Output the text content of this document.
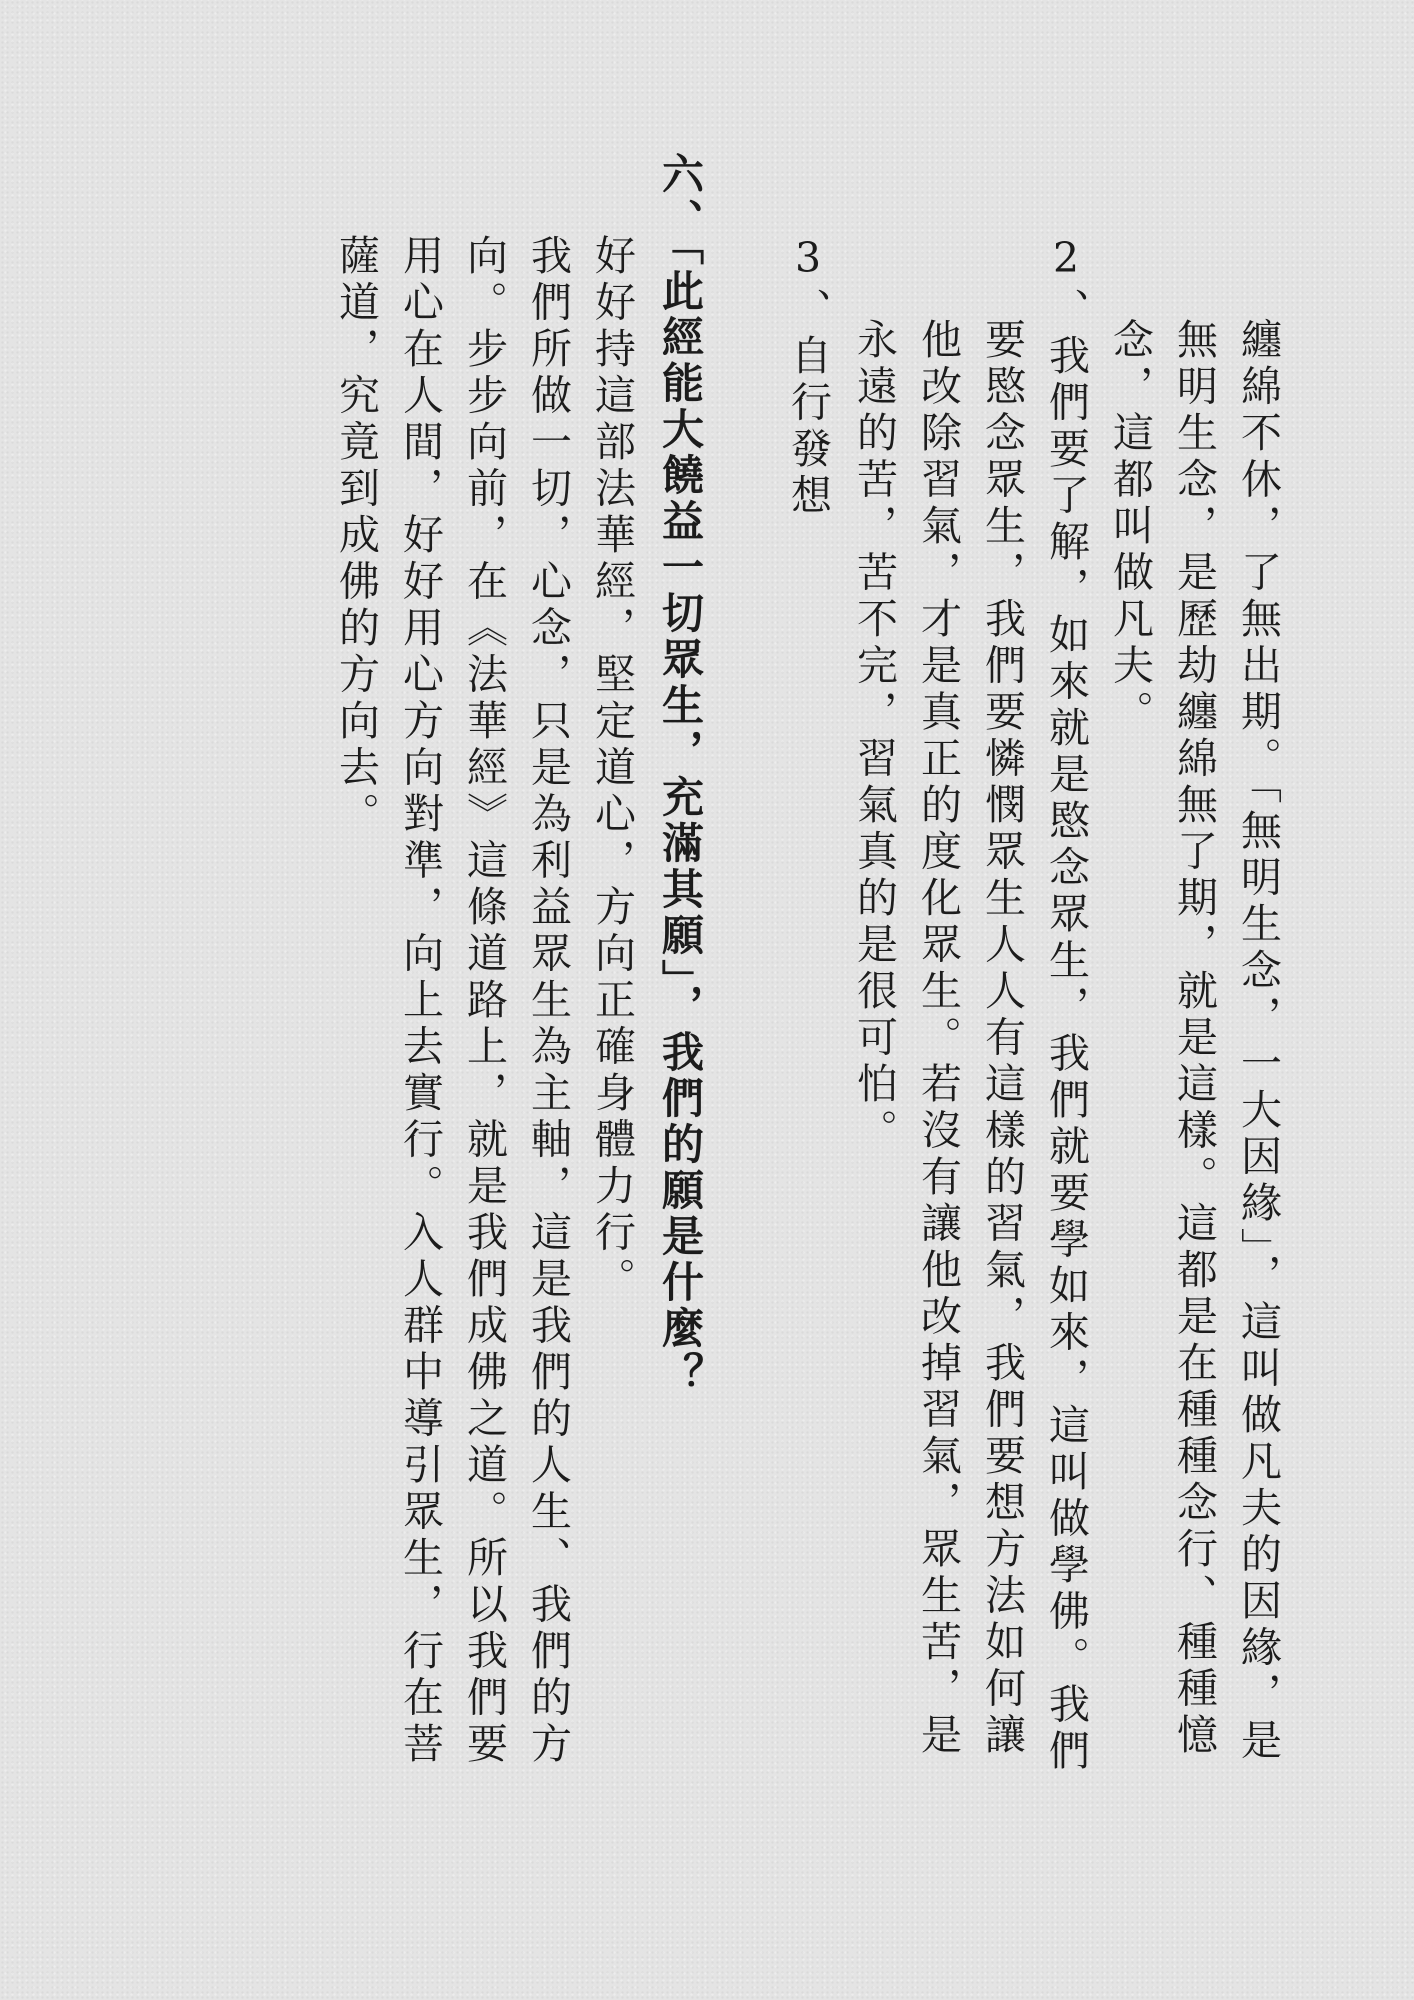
纏綿不休，了無出期。「無明生念，一大因緣」，這叫做凡夫的因緣，是

無明生念，是歷劫纏綿無了期，就是這樣。這都是在種種念行、種種憶

念，這都叫做凡夫。

2、我們要了解，如來就是愍念眾生，我們就要學如來，這叫做學佛。我們

要愍念眾生，我們要憐憫眾生人人有這樣的習氣，我們要想方法如何讓

他改除習氣，才是真正的度化眾生。若沒有讓他改掉習氣，眾生苦，是

永遠的苦，苦不完，習氣真的是很可怕。

3、自行發想

六、「此經能大饒益一切眾生，充滿其願」，我們的願是什麼？

好好持這部法華經，堅定道心，方向正確身體力行。

我們所做一切，心念，只是為利益眾生為主軸，這是我們的人生、我們的方

向。步步向前，在《法華經》這條道路上，就是我們成佛之道。所以我們要

用心在人間，好好用心方向對準，向上去實行。入人群中導引眾生，行在菩

薩道，究竟到成佛的方向去。
